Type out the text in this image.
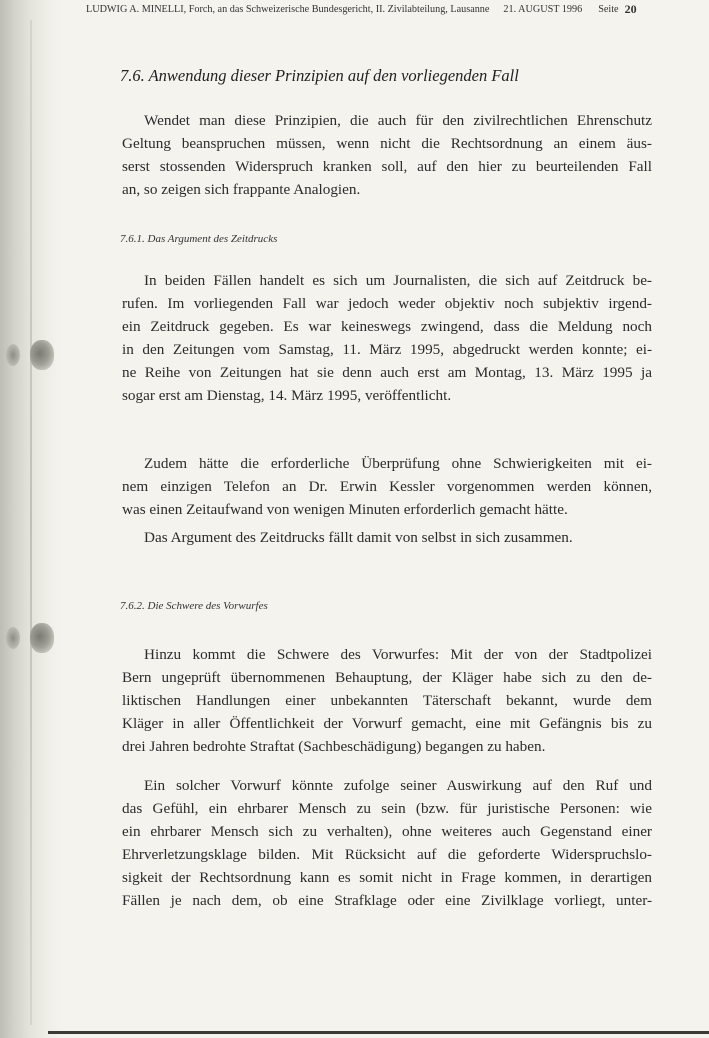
LUDWIG A. MINELLI, Forch, an das Schweizerische Bundesgericht, II. Zivilabteilung, Lausanne 21. AUGUST 1996 Seite 20
7.6. Anwendung dieser Prinzipien auf den vorliegenden Fall
Wendet man diese Prinzipien, die auch für den zivilrechtlichen Ehrenschutz
Geltung beanspruchen müssen, wenn nicht die Rechtsordnung an einem äus-
serst stossenden Widerspruch kranken soll, auf den hier zu beurteilenden Fall
an, so zeigen sich frappante Analogien.
7.6.1. Das Argument des Zeitdrucks
In beiden Fällen handelt es sich um Journalisten, die sich auf Zeitdruck be-
rufen. Im vorliegenden Fall war jedoch weder objektiv noch subjektiv irgend-
ein Zeitdruck gegeben. Es war keineswegs zwingend, dass die Meldung noch
in den Zeitungen vom Samstag, 11. März 1995, abgedruckt werden konnte; ei-
ne Reihe von Zeitungen hat sie denn auch erst am Montag, 13. März 1995 ja
sogar erst am Dienstag, 14. März 1995, veröffentlicht.
Zudem hätte die erforderliche Überprüfung ohne Schwierigkeiten mit ei-
nem einzigen Telefon an Dr. Erwin Kessler vorgenommen werden können,
was einen Zeitaufwand von wenigen Minuten erforderlich gemacht hätte.
Das Argument des Zeitdrucks fällt damit von selbst in sich zusammen.
7.6.2. Die Schwere des Vorwurfes
Hinzu kommt die Schwere des Vorwurfes: Mit der von der Stadtpolizei
Bern ungeprüft übernommenen Behauptung, der Kläger habe sich zu den de-
liktischen Handlungen einer unbekannten Täterschaft bekannt, wurde dem
Kläger in aller Öffentlichkeit der Vorwurf gemacht, eine mit Gefängnis bis zu
drei Jahren bedrohte Straftat (Sachbeschädigung) begangen zu haben.
Ein solcher Vorwurf könnte zufolge seiner Auswirkung auf den Ruf und
das Gefühl, ein ehrbarer Mensch zu sein (bzw. für juristische Personen: wie
ein ehrbarer Mensch sich zu verhalten), ohne weiteres auch Gegenstand einer
Ehrverletzungsklage bilden. Mit Rücksicht auf die geforderte Widerspruchslo-
sigkeit der Rechtsordnung kann es somit nicht in Frage kommen, in derartigen
Fällen je nach dem, ob eine Strafklage oder eine Zivilklage vorliegt, unter-
